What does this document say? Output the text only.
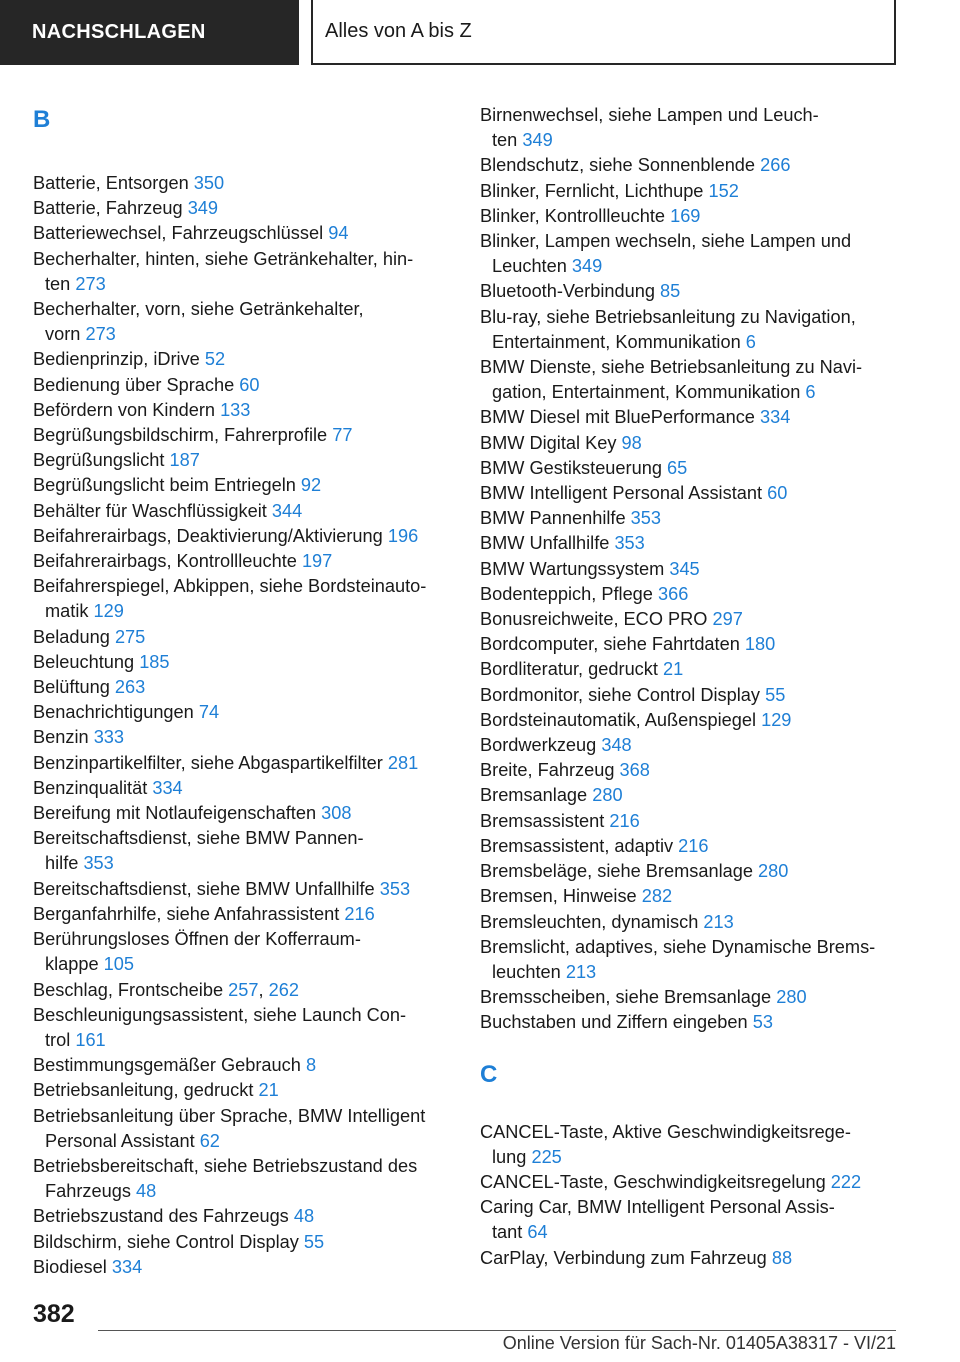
NACHSCHLAGEN	Alles von A bis Z
B
Batterie, Entsorgen 350
Batterie, Fahrzeug 349
Batteriewechsel, Fahrzeugschlüssel 94
Becherhalter, hinten, siehe Getränkehalter, hin-
ten 273
Becherhalter, vorn, siehe Getränkehalter,
vorn 273
Bedienprinzip, iDrive 52
Bedienung über Sprache 60
Befördern von Kindern 133
Begrüßungsbildschirm, Fahrerprofile 77
Begrüßungslicht 187
Begrüßungslicht beim Entriegeln 92
Behälter für Waschflüssigkeit 344
Beifahrerairbags, Deaktivierung/Aktivierung 196
Beifahrerairbags, Kontrollleuchte 197
Beifahrerspiegel, Abkippen, siehe Bordsteinauto-
matik 129
Beladung 275
Beleuchtung 185
Belüftung 263
Benachrichtigungen 74
Benzin 333
Benzinpartikelfilter, siehe Abgaspartikelfilter 281
Benzinqualität 334
Bereifung mit Notlaufeigenschaften 308
Bereitschaftsdienst, siehe BMW Pannen-
hilfe 353
Bereitschaftsdienst, siehe BMW Unfallhilfe 353
Berganfahrhilfe, siehe Anfahrassistent 216
Berührungsloses Öffnen der Kofferraum-
klappe 105
Beschlag, Frontscheibe 257, 262
Beschleunigungsassistent, siehe Launch Con-
trol 161
Bestimmungsgemäßer Gebrauch 8
Betriebsanleitung, gedruckt 21
Betriebsanleitung über Sprache, BMW Intelligent
Personal Assistant 62
Betriebsbereitschaft, siehe Betriebszustand des
Fahrzeugs 48
Betriebszustand des Fahrzeugs 48
Bildschirm, siehe Control Display 55
Biodiesel 334
Birnenwechsel, siehe Lampen und Leuch-
ten 349
Blendschutz, siehe Sonnenblende 266
Blinker, Fernlicht, Lichthupe 152
Blinker, Kontrollleuchte 169
Blinker, Lampen wechseln, siehe Lampen und
Leuchten 349
Bluetooth-Verbindung 85
Blu-ray, siehe Betriebsanleitung zu Navigation,
Entertainment, Kommunikation 6
BMW Dienste, siehe Betriebsanleitung zu Navi-
gation, Entertainment, Kommunikation 6
BMW Diesel mit BluePerformance 334
BMW Digital Key 98
BMW Gestiksteuerung 65
BMW Intelligent Personal Assistant 60
BMW Pannenhilfe 353
BMW Unfallhilfe 353
BMW Wartungssystem 345
Bodenteppich, Pflege 366
Bonusreichweite, ECO PRO 297
Bordcomputer, siehe Fahrtdaten 180
Bordliteratur, gedruckt 21
Bordmonitor, siehe Control Display 55
Bordsteinautomatik, Außenspiegel 129
Bordwerkzeug 348
Breite, Fahrzeug 368
Bremsanlage 280
Bremsassistent 216
Bremsassistent, adaptiv 216
Bremsbeläge, siehe Bremsanlage 280
Bremsen, Hinweise 282
Bremsleuchten, dynamisch 213
Bremslicht, adaptives, siehe Dynamische Brems-
leuchten 213
Bremsscheiben, siehe Bremsanlage 280
Buchstaben und Ziffern eingeben 53
C
CANCEL-Taste, Aktive Geschwindigkeitsrege-
lung 225
CANCEL-Taste, Geschwindigkeitsregelung 222
Caring Car, BMW Intelligent Personal Assis-
tant 64
CarPlay, Verbindung zum Fahrzeug 88
382
Online Version für Sach-Nr. 01405A38317 - VI/21
